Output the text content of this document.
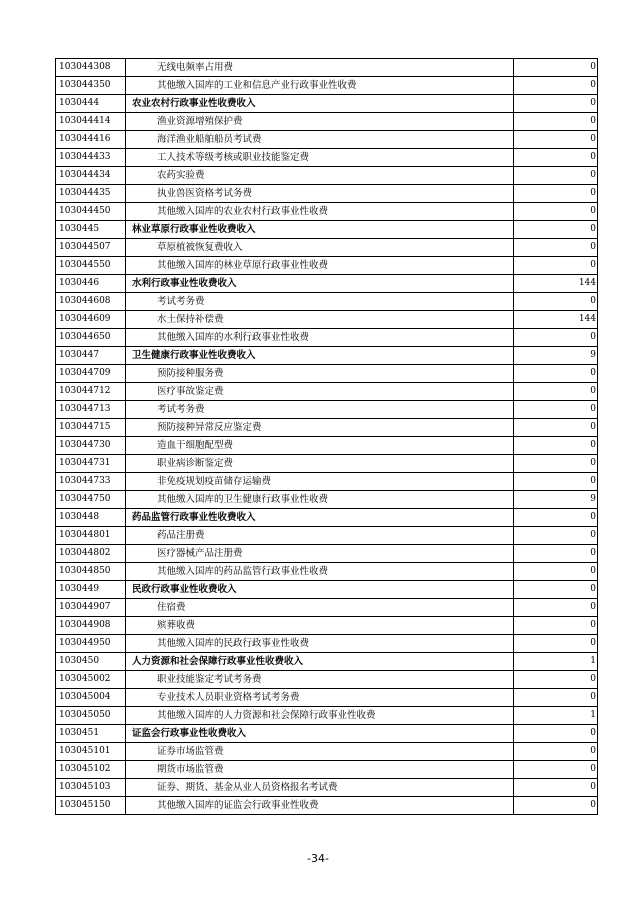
103044308	无线电频率占用费	0
103044350	其他缴入国库的工业和信息产业行政事业性收费	0
1030444	农业农村行政事业性收费收入	0
103044414	渔业资源增殖保护费	0
103044416	海洋渔业船舶船员考试费	0
103044433	工人技术等级考核或职业技能鉴定费	0
103044434	农药实验费	0
103044435	执业兽医资格考试务费	0
103044450	其他缴入国库的农业农村行政事业性收费	0
1030445	林业草原行政事业性收费收入	0
103044507	草原植被恢复费收入	0
103044550	其他缴入国库的林业草原行政事业性收费	0
1030446	水利行政事业性收费收入	144
103044608	考试考务费	0
103044609	水土保持补偿费	144
103044650	其他缴入国库的水利行政事业性收费	0
1030447	卫生健康行政事业性收费收入	9
103044709	预防接种服务费	0
103044712	医疗事故鉴定费	0
103044713	考试考务费	0
103044715	预防接种异常反应鉴定费	0
103044730	造血干细胞配型费	0
103044731	职业病诊断鉴定费	0
103044733	非免疫规划疫苗储存运输费	0
103044750	其他缴入国库的卫生健康行政事业性收费	9
1030448	药品监管行政事业性收费收入	0
103044801	药品注册费	0
103044802	医疗器械产品注册费	0
103044850	其他缴入国库的药品监管行政事业性收费	0
1030449	民政行政事业性收费收入	0
103044907	住宿费	0
103044908	殡葬收费	0
103044950	其他缴入国库的民政行政事业性收费	0
1030450	人力资源和社会保障行政事业性收费收入	1
103045002	职业技能鉴定考试考务费	0
103045004	专业技术人员职业资格考试考务费	0
103045050	其他缴入国库的人力资源和社会保障行政事业性收费	1
1030451	证监会行政事业性收费收入	0
103045101	证券市场监管费	0
103045102	期货市场监管费	0
103045103	证券、期货、基金从业人员资格报名考试费	0
103045150	其他缴入国库的证监会行政事业性收费	0
-34-
